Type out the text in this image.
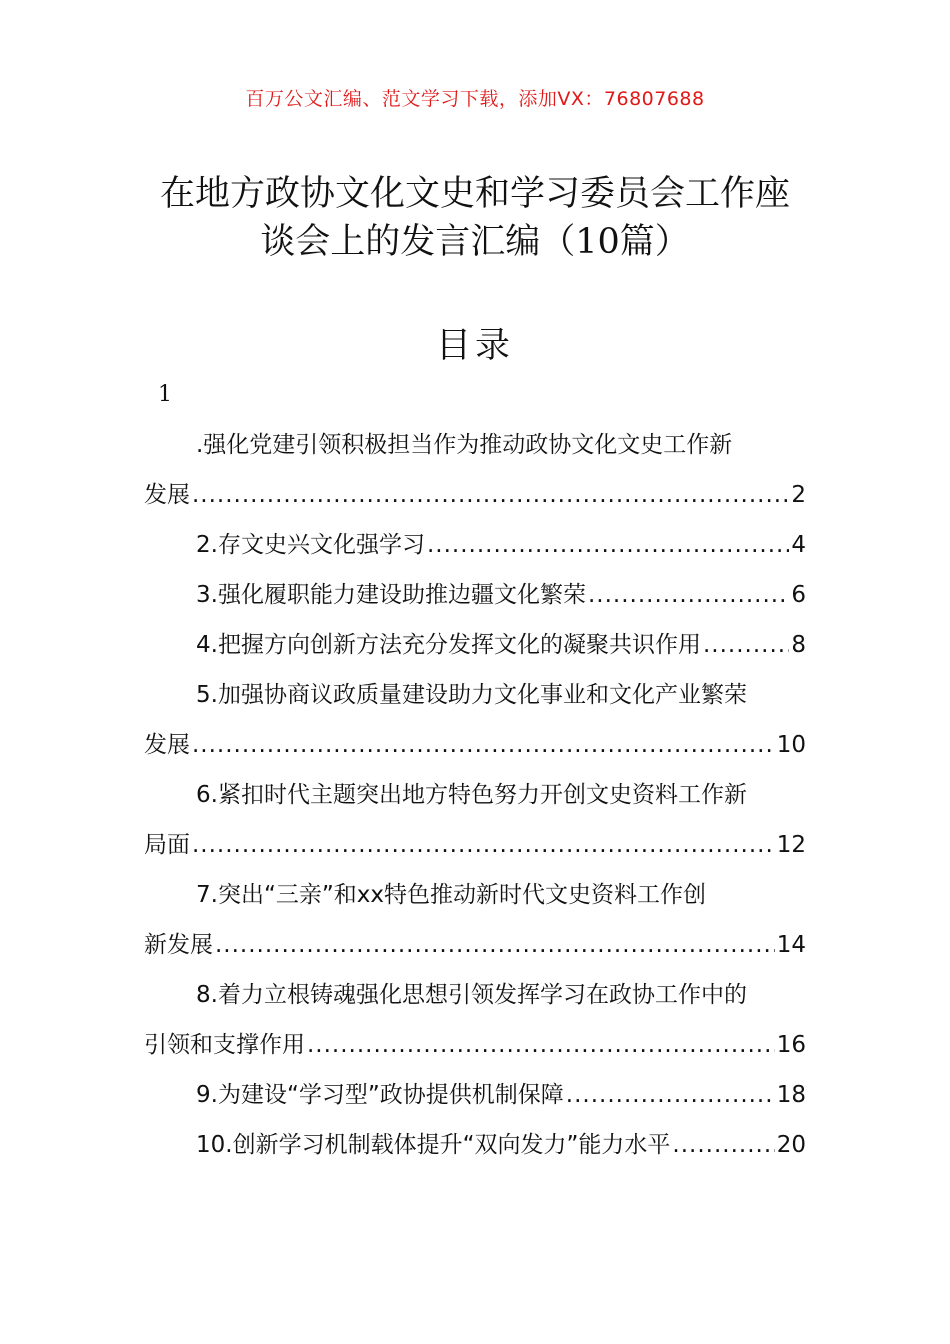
百万公文汇编、范文学习下载，添加VX：76807688
在地方政协文化文史和学习委员会工作座
谈会上的发言汇编（10篇）
目录
1
.强化党建引领积极担当作为推动政协文化文史工作新
发展 .....	2
2.存文史兴文化强学习 .....	4
3.强化履职能力建设助推边疆文化繁荣 .....	6
4.把握方向创新方法充分发挥文化的凝聚共识作用 .....	8
5.加强协商议政质量建设助力文化事业和文化产业繁荣
发展 .....	10
6.紧扣时代主题突出地方特色努力开创文史资料工作新
局面 .....	12
7.突出“三亲”和xx特色推动新时代文史资料工作创
新发展 .....	14
8.着力立根铸魂强化思想引领发挥学习在政协工作中的
引领和支撑作用 .....	16
9.为建设“学习型”政协提供机制保障 .....	18
10.创新学习机制载体提升“双向发力”能力水平 .....	20
